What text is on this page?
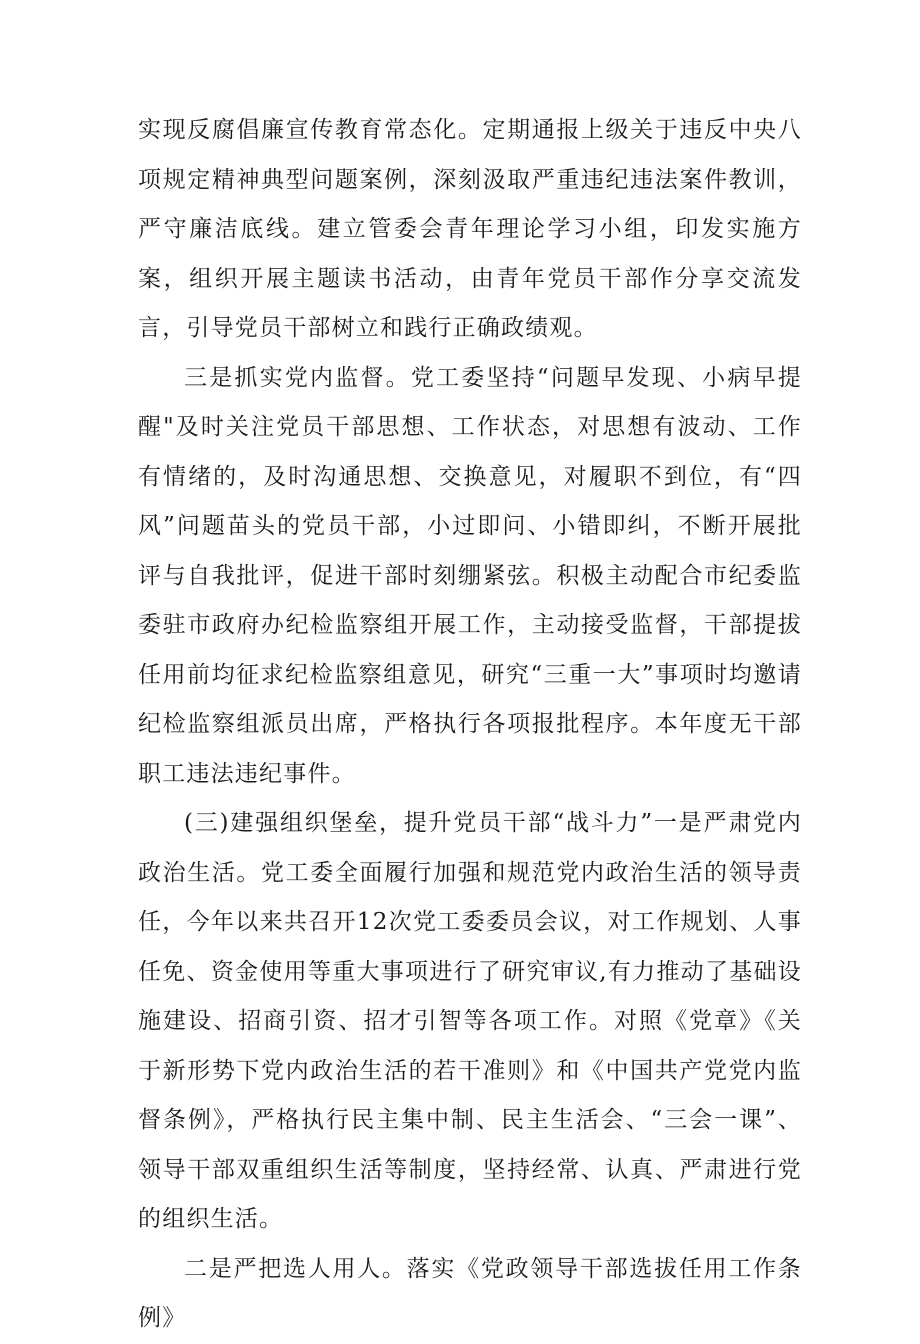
实现反腐倡廉宣传教育常态化。定期通报上级关于违反中央八项规定精神典型问题案例，深刻汲取严重违纪违法案件教训，严守廉洁底线。建立管委会青年理论学习小组，印发实施方案，组织开展主题读书活动，由青年党员干部作分享交流发言，引导党员干部树立和践行正确政绩观。

三是抓实党内监督。党工委坚持“问题早发现、小病早提醒"及时关注党员干部思想、工作状态，对思想有波动、工作有情绪的，及时沟通思想、交换意见，对履职不到位，有“四风”问题苗头的党员干部，小过即问、小错即纠，不断开展批评与自我批评，促进干部时刻绷紧弦。积极主动配合市纪委监委驻市政府办纪检监察组开展工作，主动接受监督，干部提拔任用前均征求纪检监察组意见，研究“三重一大”事项时均邀请纪检监察组派员出席，严格执行各项报批程序。本年度无干部职工违法违纪事件。

(三)建强组织堡垒，提升党员干部“战斗力”一是严肃党内政治生活。党工委全面履行加强和规范党内政治生活的领导责任，今年以来共召开12次党工委委员会议，对工作规划、人事任免、资金使用等重大事项进行了研究审议,有力推动了基础设施建设、招商引资、招才引智等各项工作。对照《党章》《关于新形势下党内政治生活的若干准则》和《中国共产党党内监督条例》，严格执行民主集中制、民主生活会、“三会一课”、领导干部双重组织生活等制度，坚持经常、认真、严肃进行党的组织生活。

二是严把选人用人。落实《党政领导干部选拔任用工作条例》
